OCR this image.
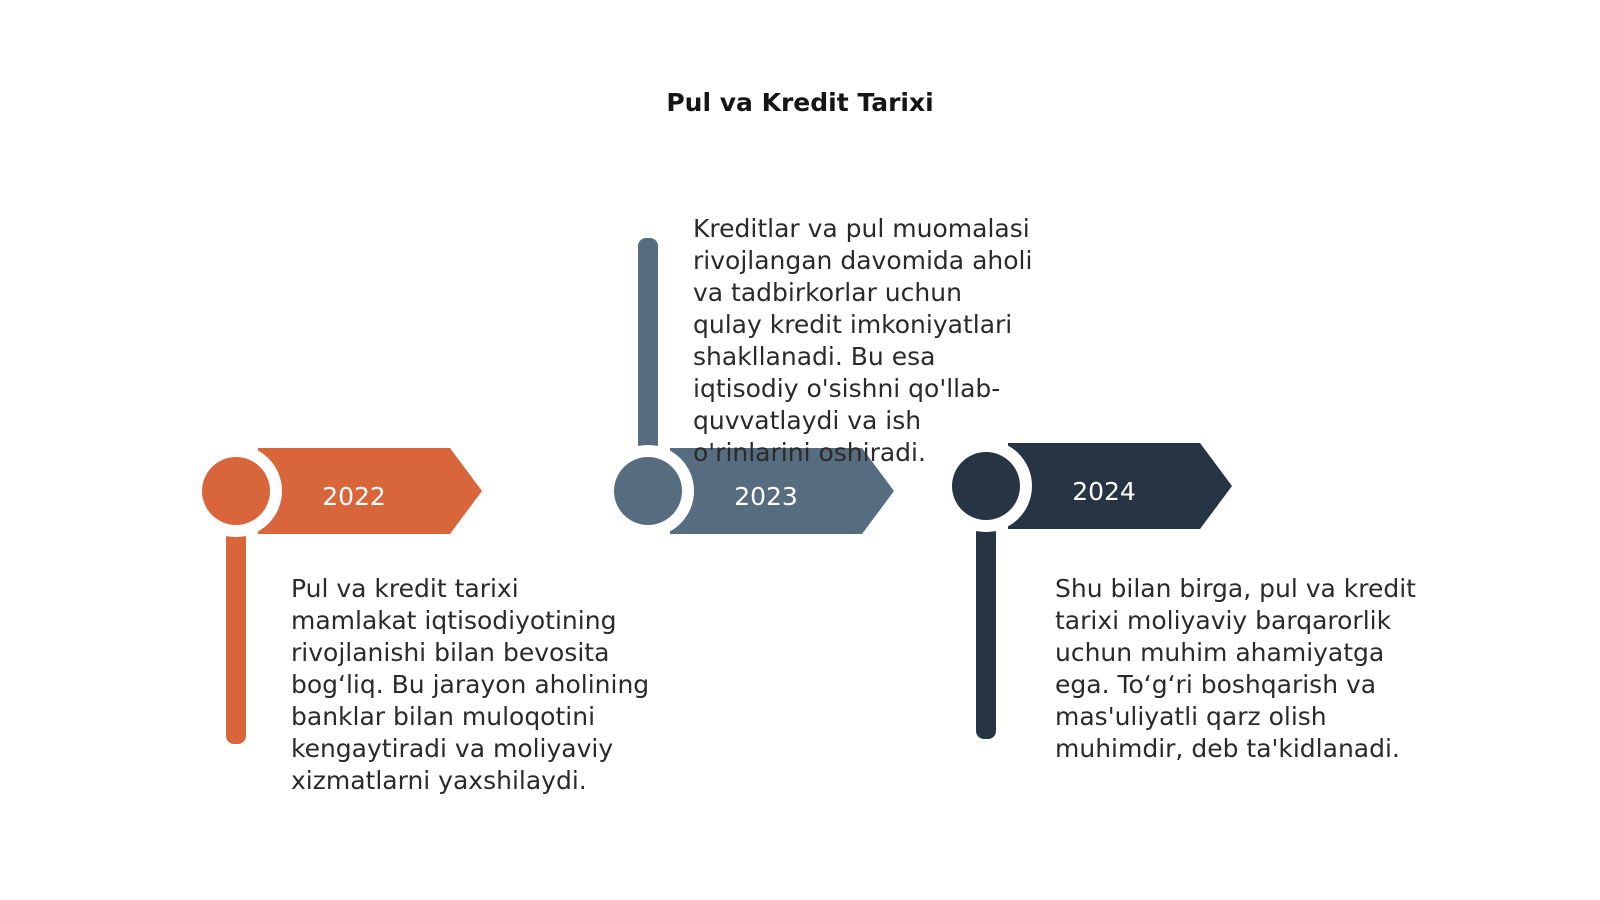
Pul va Kredit Tarixi
2022	2023	2024

Pul va kredit tarixi mamlakat iqtisodiyotining rivojlanishi bilan bevosita bog‘liq. Bu jarayon aholining banklar bilan muloqotini kengaytiradi va moliyaviy xizmatlarni yaxshilaydi.

Kreditlar va pul muomalasi rivojlangan davomida aholi va tadbirkorlar uchun qulay kredit imkoniyatlari shakllanadi. Bu esa iqtisodiy o'sishni qo'llab-quvvatlaydi va ish o'rinlarini oshiradi.

Shu bilan birga, pul va kredit tarixi moliyaviy barqarorlik uchun muhim ahamiyatga ega. To‘g‘ri boshqarish va mas'uliyatli qarz olish muhimdir, deb ta'kidlanadi.
